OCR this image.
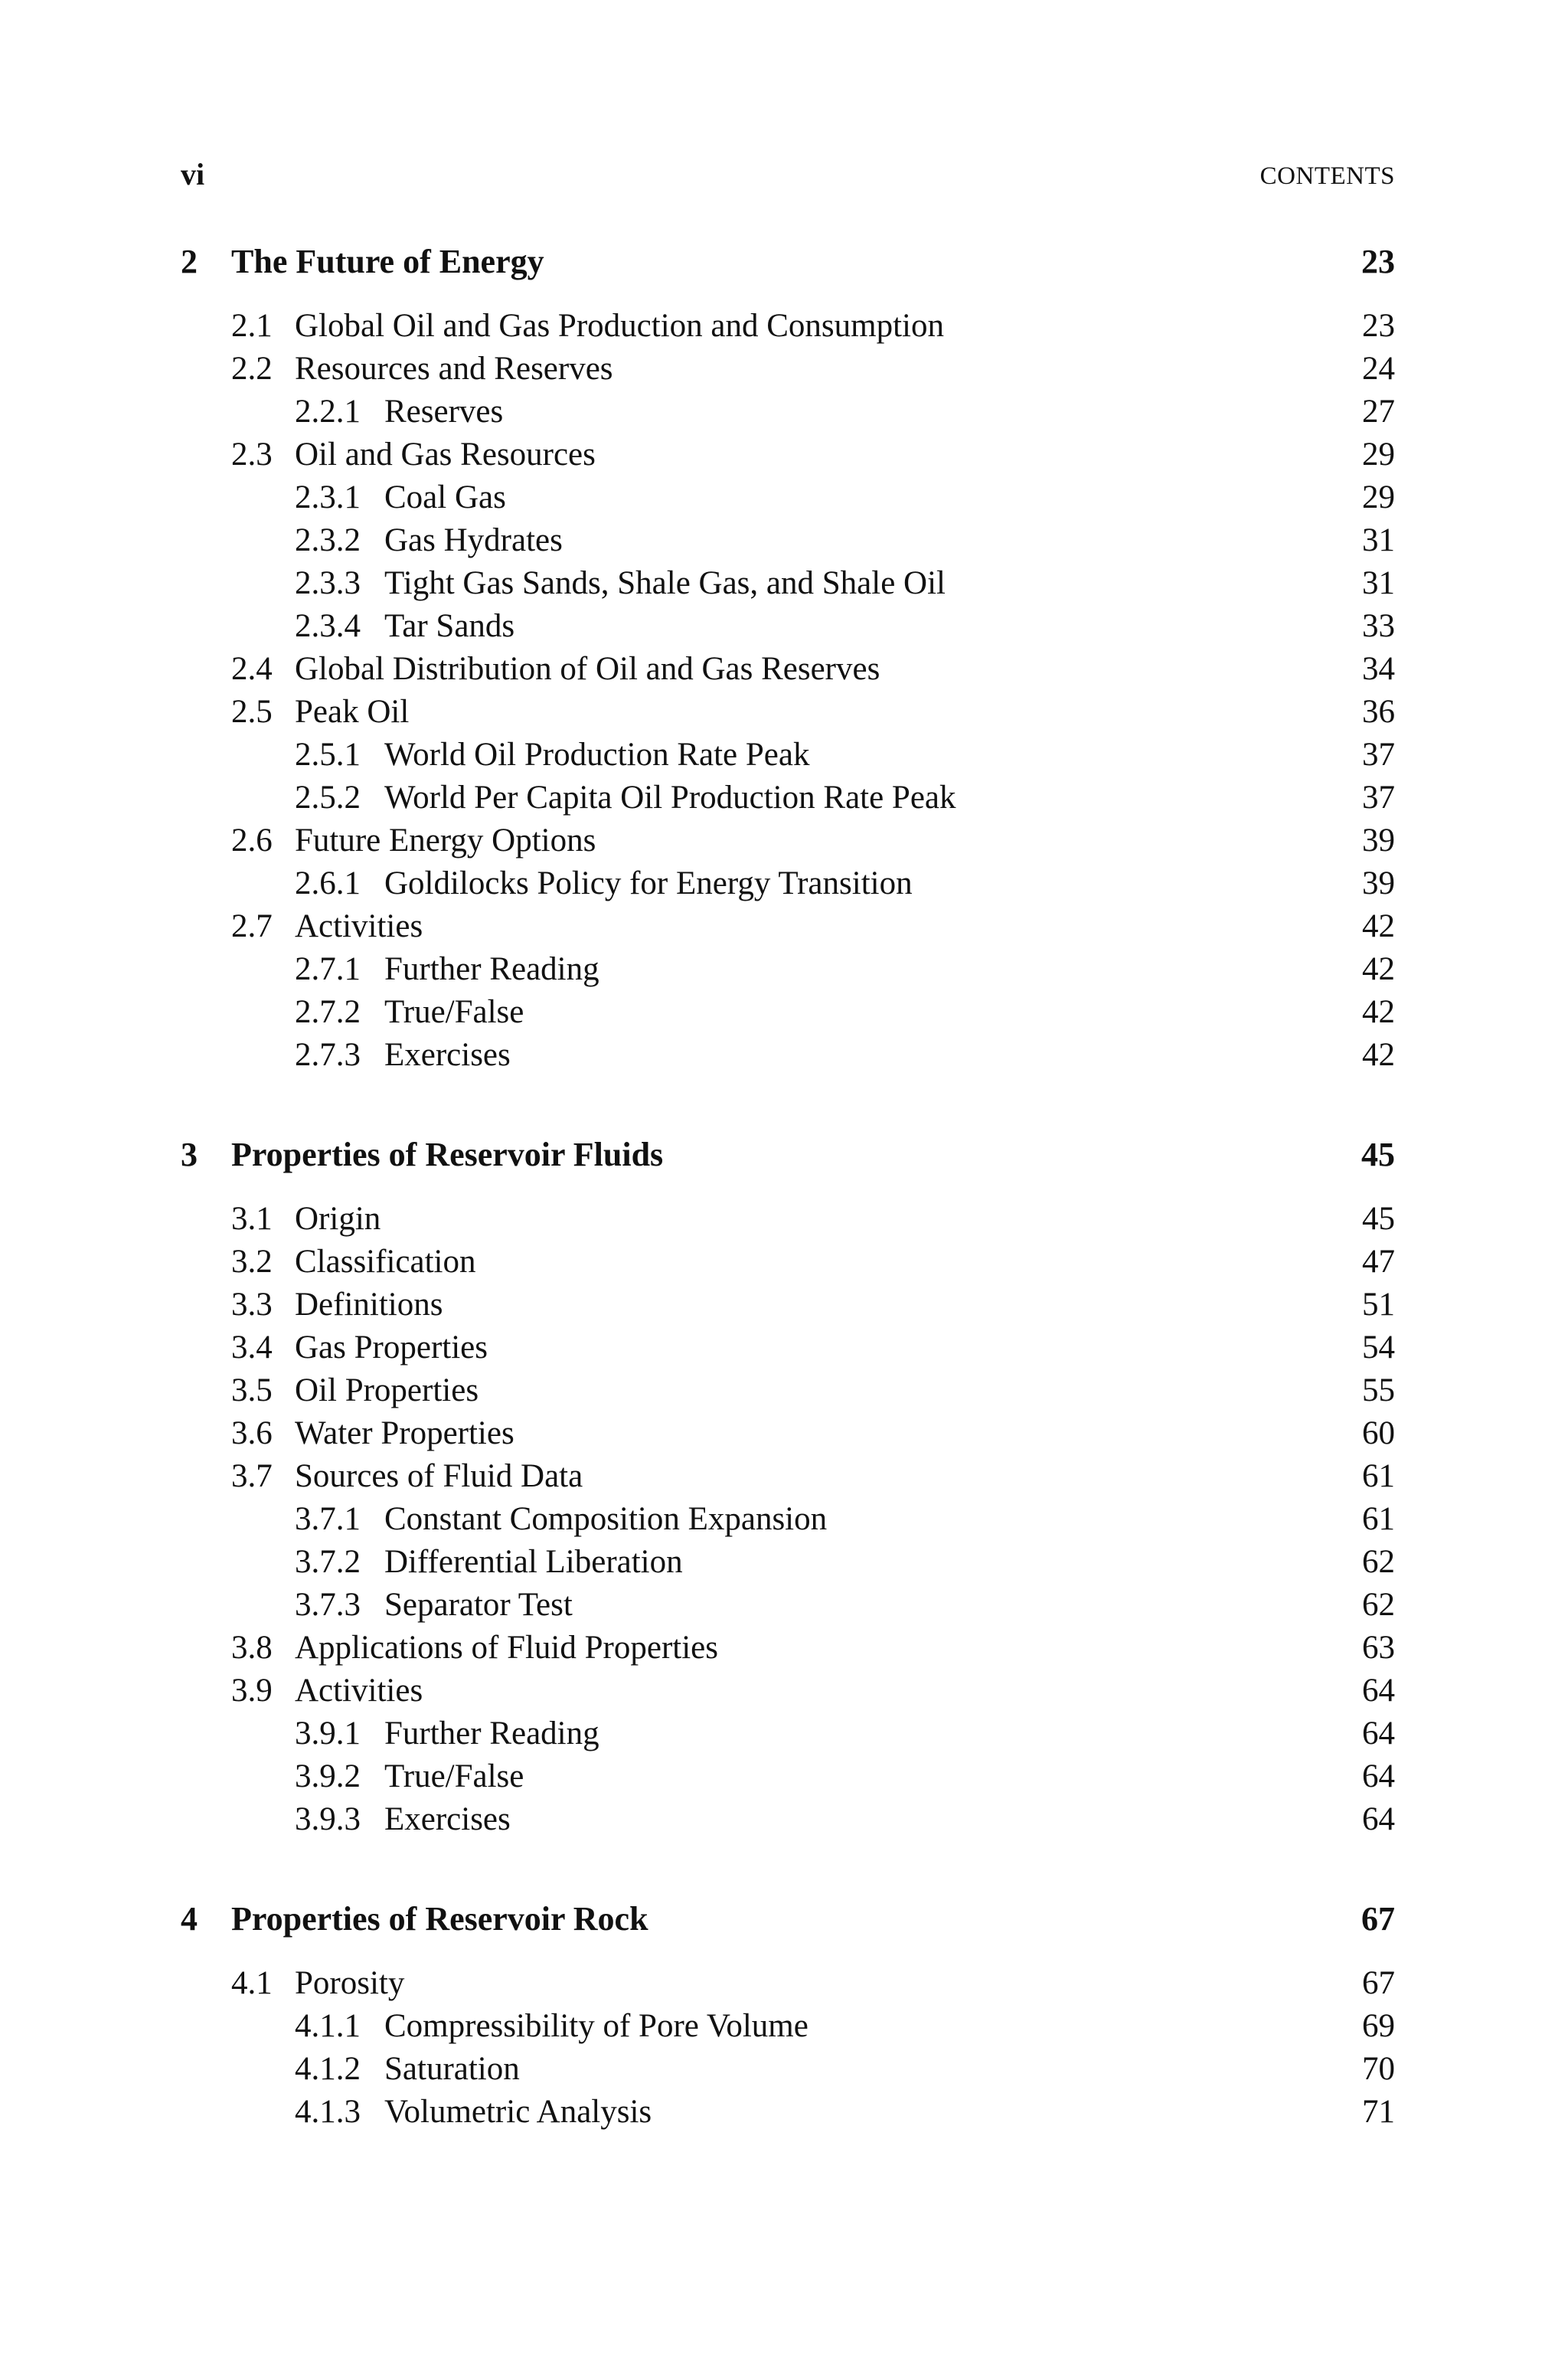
vi	CONTENTS
2 The Future of Energy	23
2.1 Global Oil and Gas Production and Consumption	23
2.2 Resources and Reserves	24
2.2.1 Reserves	27
2.3 Oil and Gas Resources	29
2.3.1 Coal Gas	29
2.3.2 Gas Hydrates	31
2.3.3 Tight Gas Sands, Shale Gas, and Shale Oil	31
2.3.4 Tar Sands	33
2.4 Global Distribution of Oil and Gas Reserves	34
2.5 Peak Oil	36
2.5.1 World Oil Production Rate Peak	37
2.5.2 World Per Capita Oil Production Rate Peak	37
2.6 Future Energy Options	39
2.6.1 Goldilocks Policy for Energy Transition	39
2.7 Activities	42
2.7.1 Further Reading	42
2.7.2 True/False	42
2.7.3 Exercises	42
3 Properties of Reservoir Fluids	45
3.1 Origin	45
3.2 Classification	47
3.3 Definitions	51
3.4 Gas Properties	54
3.5 Oil Properties	55
3.6 Water Properties	60
3.7 Sources of Fluid Data	61
3.7.1 Constant Composition Expansion	61
3.7.2 Differential Liberation	62
3.7.3 Separator Test	62
3.8 Applications of Fluid Properties	63
3.9 Activities	64
3.9.1 Further Reading	64
3.9.2 True/False	64
3.9.3 Exercises	64
4 Properties of Reservoir Rock	67
4.1 Porosity	67
4.1.1 Compressibility of Pore Volume	69
4.1.2 Saturation	70
4.1.3 Volumetric Analysis	71
